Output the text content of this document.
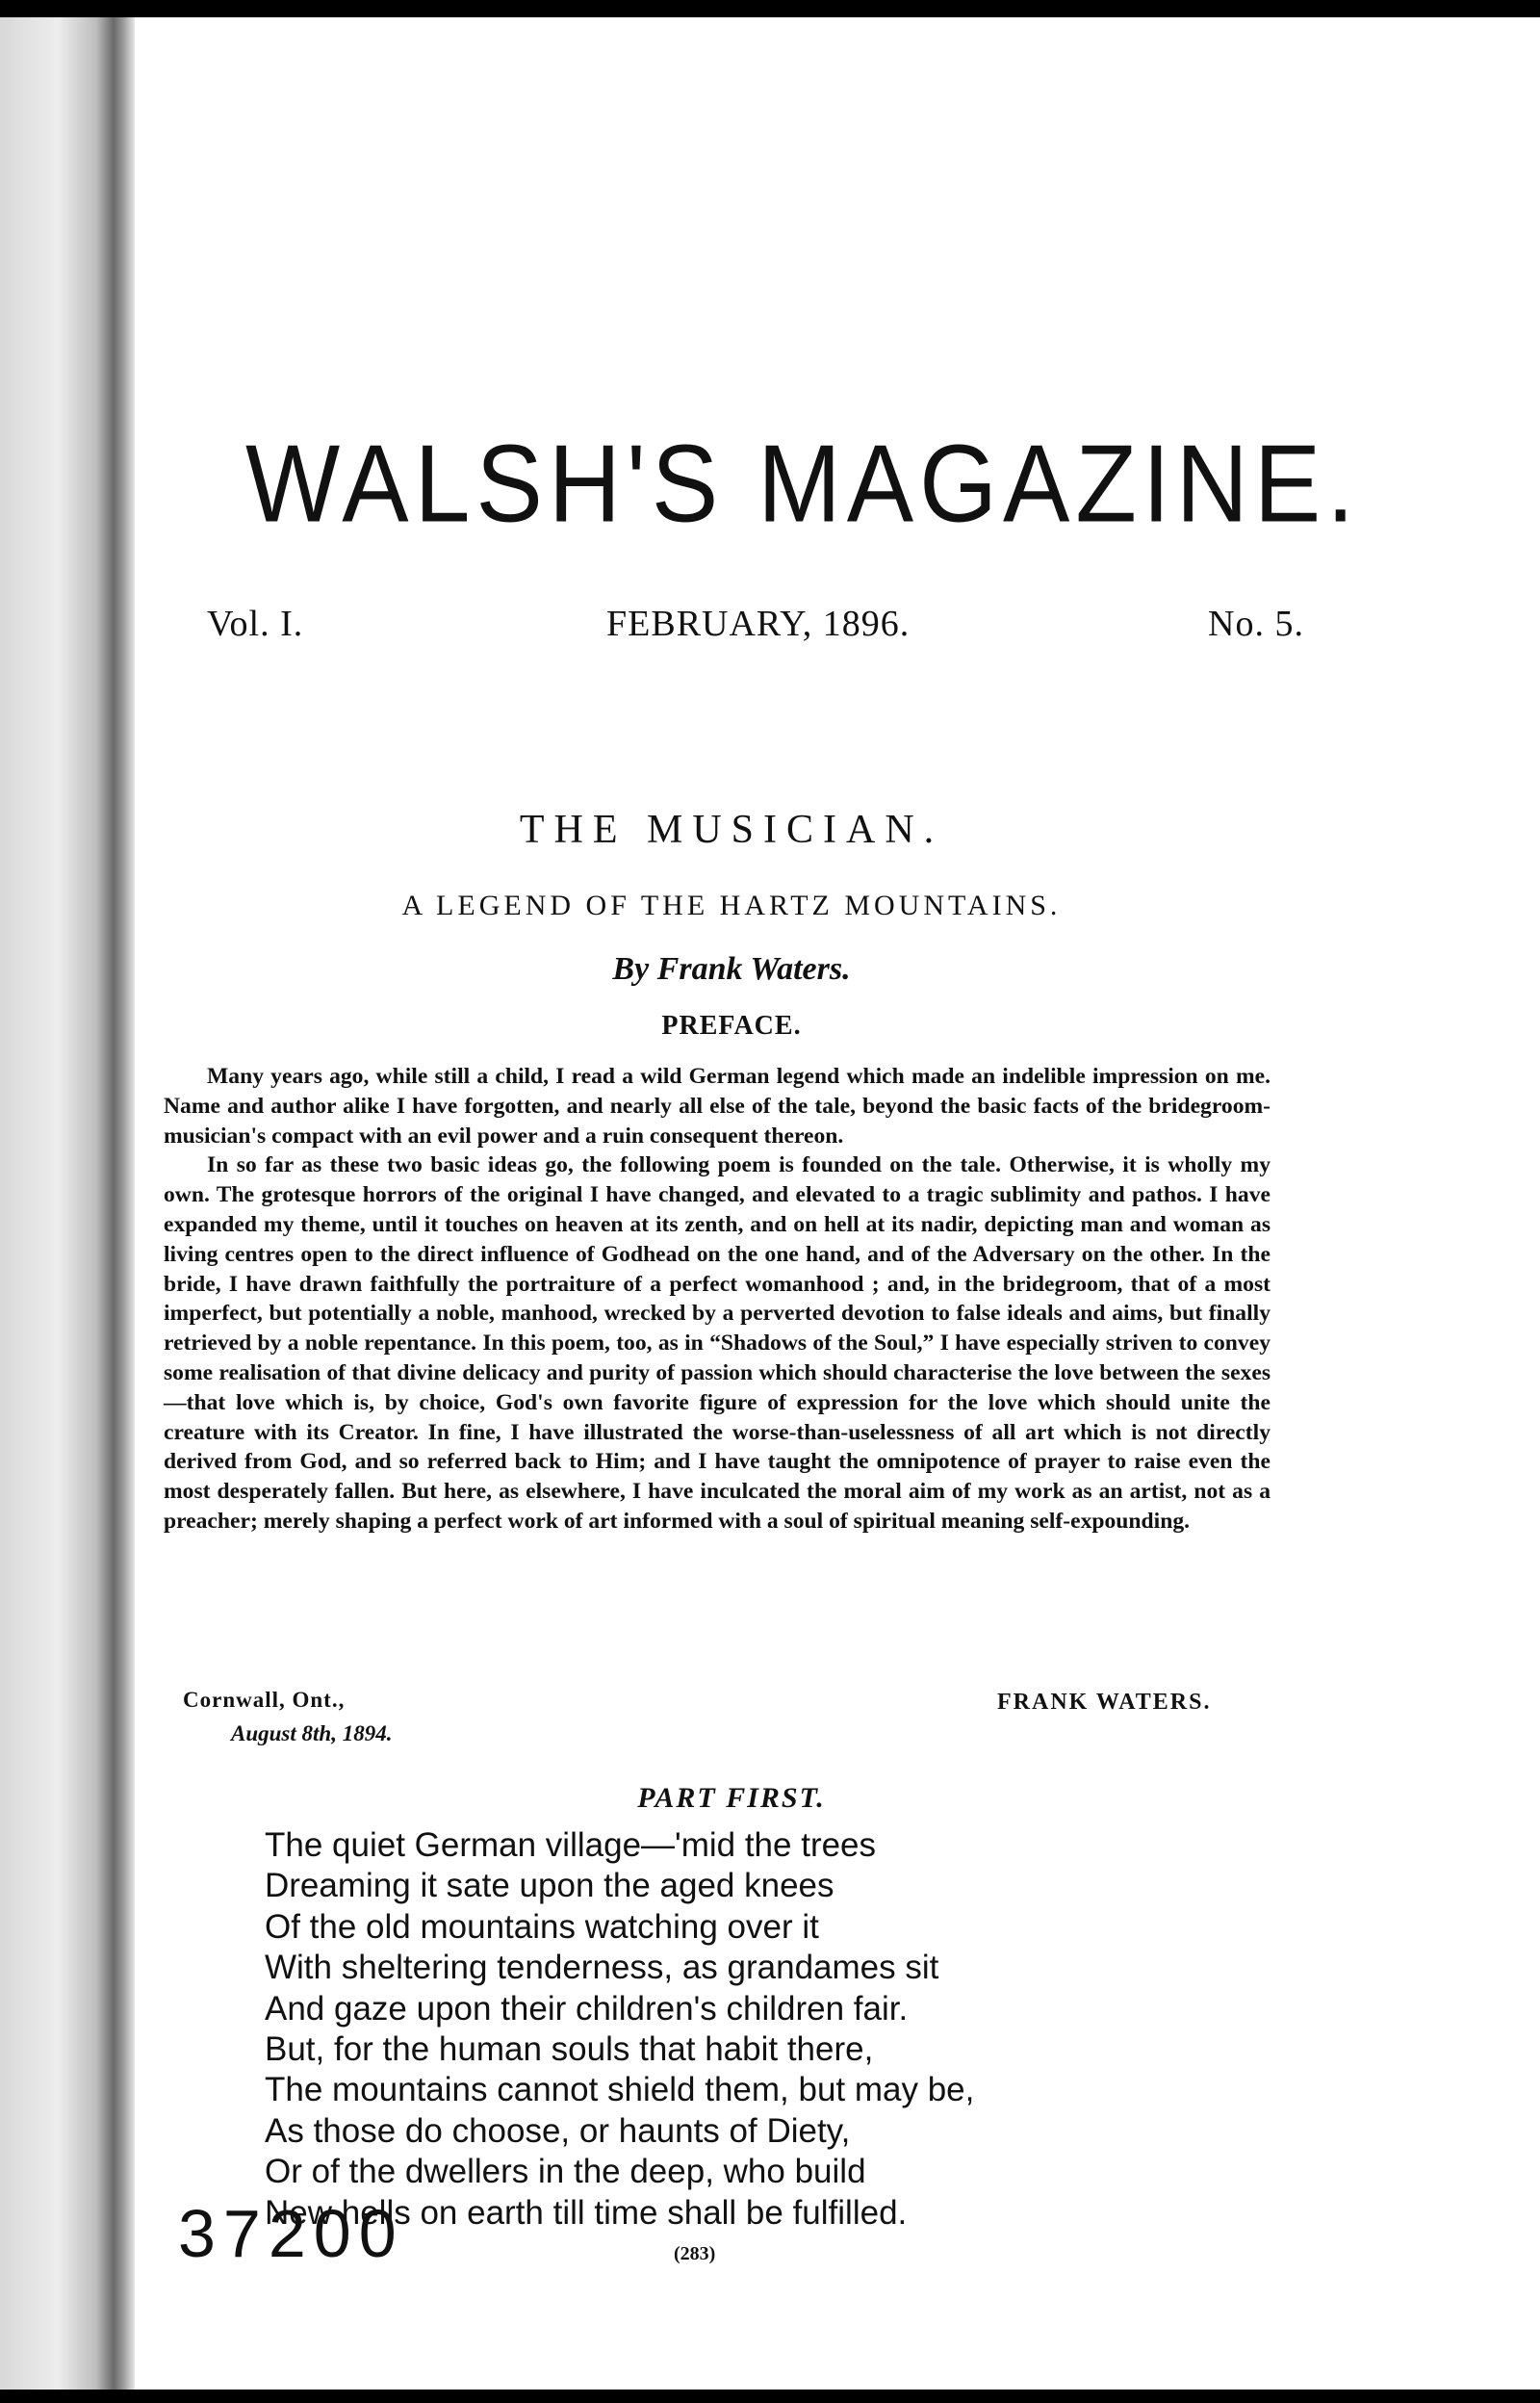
WALSH'S MAGAZINE.
Vol. I.	FEBRUARY, 1896.	No. 5.
THE MUSICIAN.
A LEGEND OF THE HARTZ MOUNTAINS.
By Frank Waters.
PREFACE.

Many years ago, while still a child, I read a wild German legend which made an indelible impression on me. Name and author alike I have forgotten, and nearly all else of the tale, beyond the basic facts of the bridegroom-musician's compact with an evil power and a ruin consequent thereon.

In so far as these two basic ideas go, the following poem is founded on the tale. Otherwise, it is wholly my own. The grotesque horrors of the original I have changed, and elevated to a tragic sublimity and pathos. I have expanded my theme, until it touches on heaven at its zenth, and on hell at its nadir, depicting man and woman as living centres open to the direct influence of Godhead on the one hand, and of the Adversary on the other. In the bride, I have drawn faithfully the portraiture of a perfect womanhood ; and, in the bridegroom, that of a most imperfect, but potentially a noble, manhood, wrecked by a perverted devotion to false ideals and aims, but finally retrieved by a noble repentance. In this poem, too, as in “Shadows of the Soul,” I have especially striven to convey some realisation of that divine delicacy and purity of passion which should characterise the love between the sexes—that love which is, by choice, God's own favorite figure of expression for the love which should unite the creature with its Creator. In fine, I have illustrated the worse-than-uselessness of all art which is not directly derived from God, and so referred back to Him; and I have taught the omnipotence of prayer to raise even the most desperately fallen. But here, as elsewhere, I have inculcated the moral aim of my work as an artist, not as a preacher; merely shaping a perfect work of art informed with a soul of spiritual meaning self-expounding.

Cornwall, Ont.,
August 8th, 1894.
FRANK WATERS.
PART FIRST.
The quiet German village—'mid the trees
Dreaming it sate upon the aged knees
Of the old mountains watching over it
With sheltering tenderness, as grandames sit
And gaze upon their children's children fair.
But, for the human souls that habit there,
The mountains cannot shield them, but may be,
As those do choose, or haunts of Diety,
Or of the dwellers in the deep, who build
New hells on earth till time shall be fulfilled.
(283)
37200
